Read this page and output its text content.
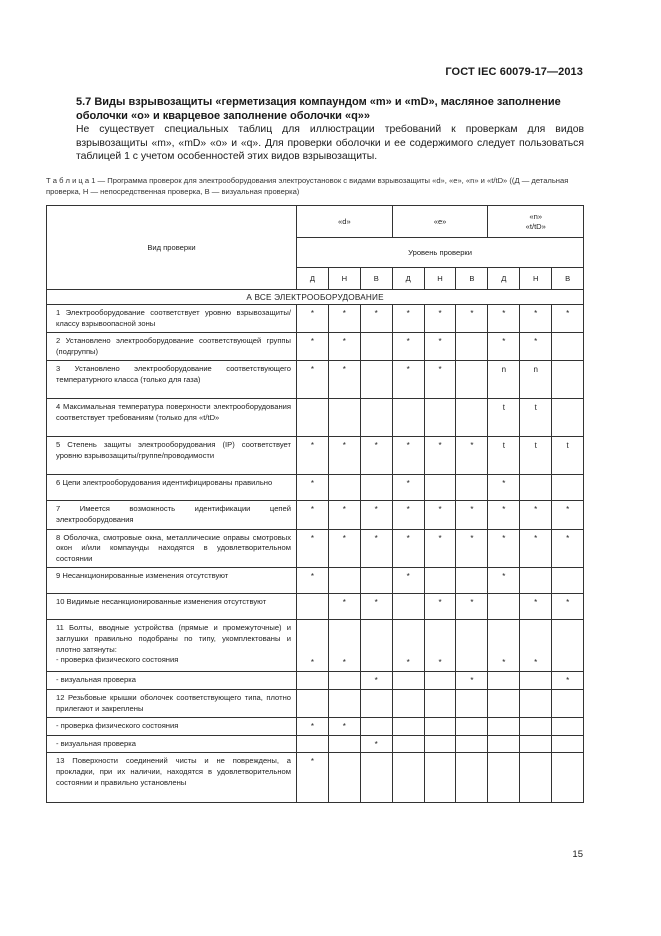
ГОСТ IEC 60079-17—2013

5.7 Виды взрывозащиты «герметизация компаундом «m» и «mD», масляное заполнение оболочки «o» и кварцевое заполнение оболочки «q»»

Не существует специальных таблиц для иллюстрации требований к проверкам для видов взрывозащиты «m», «mD» «o» и «q». Для проверки оболочки и ее содержимого следует пользоваться таблицей 1 с учетом особенностей этих видов взрывозащиты.

Т а б л и ц а 1 — Программа проверок для электрооборудования электроустановок с видами взрывозащиты «d», «e», «n» и «t/tD» ((Д — детальная проверка, Н — непосредственная проверка, В — визуальная проверка)
Вид проверки	«d»			«e»			«n»
«t/tD»		

	Уровень проверки								
	Д	Н	В	Д	Н	В	Д	Н	В
А ВСЕ ЭЛЕКТРООБОРУДОВАНИЕ									

1 Электрооборудование соответствует уровню взрывозащиты/классу взрывоопасной зоны	*	*	*	*	*	*	*	*	*

2 Установлено электрооборудование соответствующей группы (подгруппы)	*	*		*	*		*	*	

3 Установлено электрооборудование соответствующего температурного класса (только для газа)	*	*		*	*		n	n	

4 Максимальная температура поверхности электрооборудования соответствует требованиям (только для «t/tD»							t	t	

5 Степень защиты электрооборудования (IP) соответствует уровню взрывозащиты/группе/проводимости	*	*	*	*	*	*	t	t	t

6 Цепи электрооборудования идентифицированы правильно	*			*			*		

7 Имеется возможность идентификации цепей электрооборудования	*	*	*	*	*	*	*	*	*

8 Оболочка, смотровые окна, металлические оправы смотровых окон и/или компаунды находятся в удовлетворительном состоянии	*	*	*	*	*	*	*	*	*

9 Несанкционированные изменения отсутствуют	*			*			*		

10 Видимые несанкционированные изменения отсутствуют		*	*		*	*		*	*

11 Болты, вводные устройства (прямые и промежуточные) и заглушки правильно подобраны по типу, укомплектованы и плотно затянуты:
- проверка физического состояния	*	*		*	*		*	*	

- визуальная проверка			*			*			*

12 Резьбовые крышки оболочек соответствующего типа, плотно прилегают и закреплены									

- проверка физического состояния	*	*							

- визуальная проверка			*						

13 Поверхности соединений чисты и не повреждены, а прокладки, при их наличии, находятся в удовлетворительном состоянии и правильно установлены	*								
15
